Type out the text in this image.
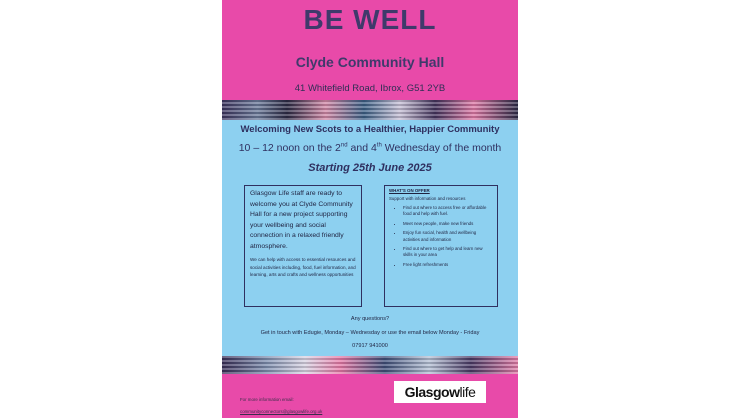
BE WELL
Clyde Community Hall
41 Whitefield Road, Ibrox, G51 2YB
Welcoming New Scots to a Healthier, Happier Community
10 – 12 noon on the 2nd and 4th Wednesday of the month
Starting 25th June 2025

Glasgow Life staff are ready to welcome you at Clyde Community Hall for a new project supporting your wellbeing and social connection in a relaxed friendly atmosphere.

We can help with access to essential resources and social activities including, food, fuel information, and learning, arts and crafts and wellness opportunities

WHAT'S ON OFFER
Support with information and resources
• Find out where to access free or affordable food and help with fuel.
• Meet new people, make new friends
• Enjoy fun social, health and wellbeing activities and information
• Find out where to get help and learn new skills in your area
• Free light refreshments
Any questions?
Get in touch with Edugie, Monday – Wednesday or use the email below Monday - Friday
07917 941000
For more information email:
communityconnectors@glasgowlife.org.uk
Glasgow life
